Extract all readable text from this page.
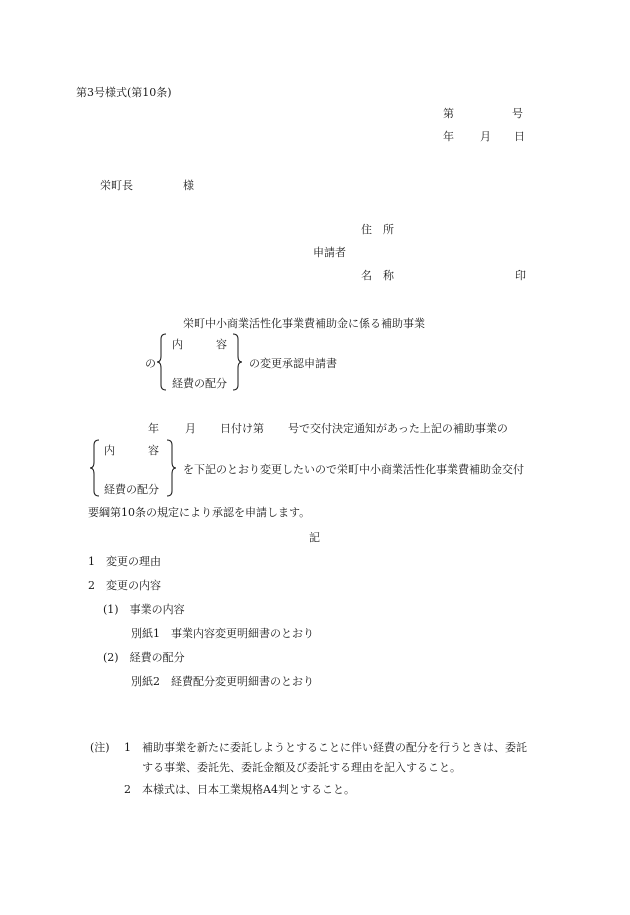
第3号様式(第10条)
第	号
年 月 日
栄町長	様
住　所
申請者
名　称	印
栄町中小商業活性化事業費補助金に係る補助事業
の
内　　　容
経費の配分
の変更承認申請書
年 月 日付け第 号で交付決定通知があった上記の補助事業の
内　　　容
経費の配分
を下記のとおり変更したいので栄町中小商業活性化事業費補助金交付
要綱第10条の規定により承認を申請します。
記
1　変更の理由
2　変更の内容
(1)　事業の内容
別紙1　事業内容変更明細書のとおり
(2)　経費の配分
別紙2　経費配分変更明細書のとおり
(注) 1 補助事業を新たに委託しようとすることに伴い経費の配分を行うときは、委託
する事業、委託先、委託金額及び委託する理由を記入すること。
2 本様式は、日本工業規格A4判とすること。
